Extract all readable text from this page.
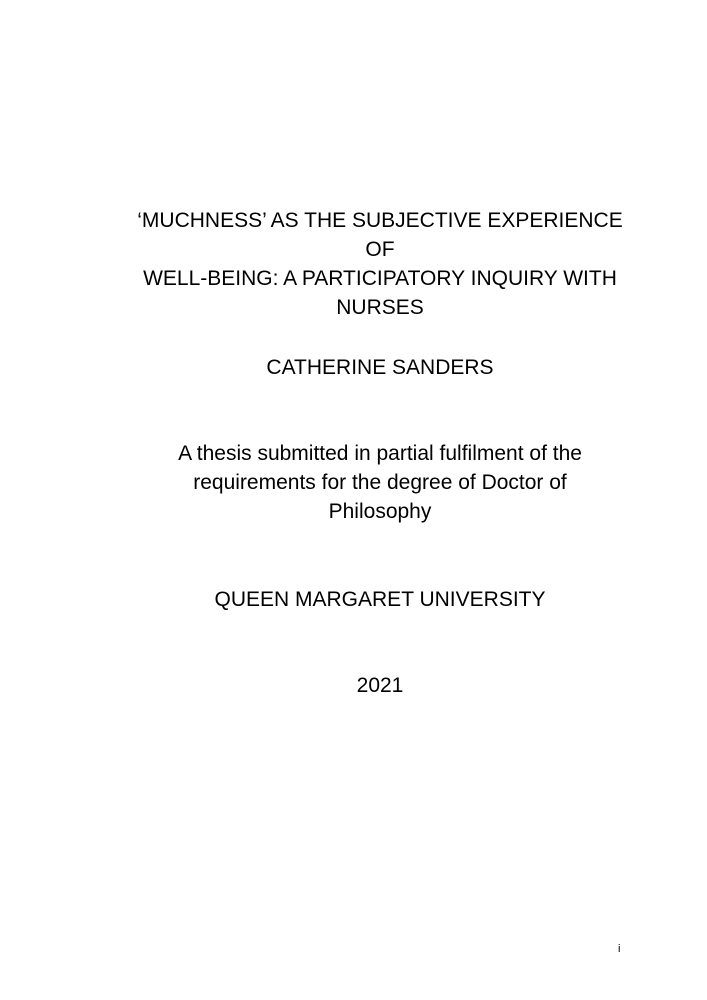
‘MUCHNESS’ AS THE SUBJECTIVE EXPERIENCE OF
WELL-BEING: A PARTICIPATORY INQUIRY WITH
NURSES
CATHERINE SANDERS
A thesis submitted in partial fulfilment of the
requirements for the degree of Doctor of
Philosophy
QUEEN MARGARET UNIVERSITY
2021
i
